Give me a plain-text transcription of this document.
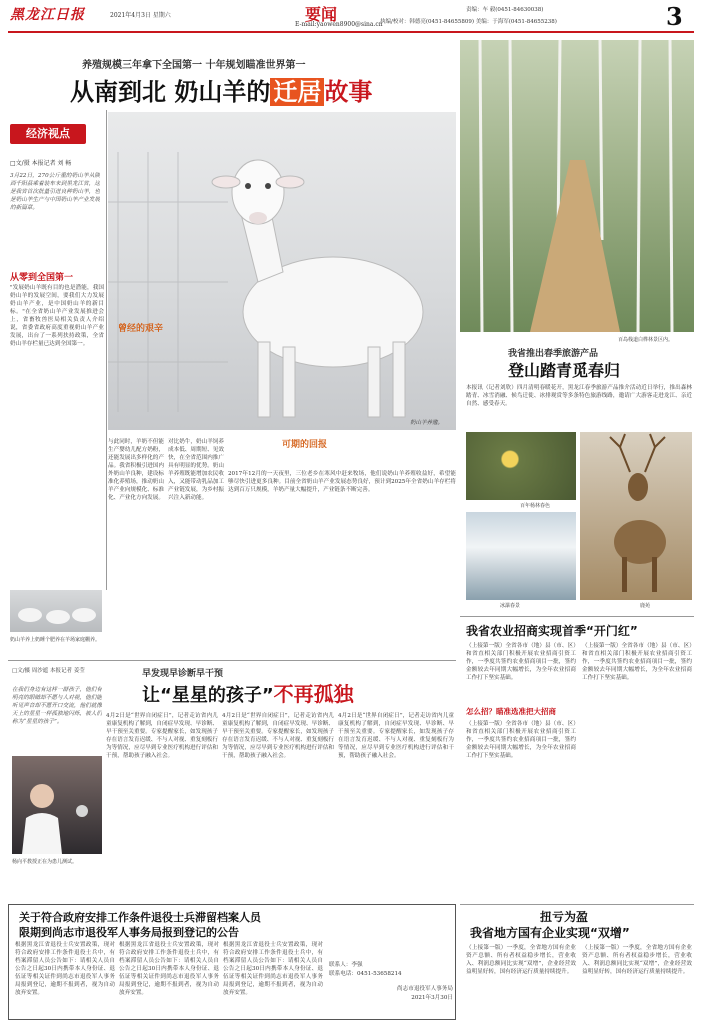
黑龙江日报	2021年4月3日 星期六	要闻
E-mail:yaowen8900@sina.cn
责编：车 毅(0451-84630038)
执编/校对：韩德亮(0451-84655809) 美编：于海军(0451-84655238)	3
养殖规模三年拿下全国第一 十年规划瞄准世界第一
从南到北 奶山羊的 迁居 故事
经济视点
□文/摄 本报记者 刘 畅
3月22日，270公斤重的奶山羊从陕西千阳县乘着装车来到黑龙江省，这是我省首次批量引进良种奶山羊，也是奶山羊生产与中国奶山羊产业发展的新篇章。
从零到全国第一
"发展奶山羊既有目的也是潜能，我国奶山羊的发展空间，要我们大力发展奶山羊产业，是中国奶山羊的新目标。"在全省奶山羊产业发展推进会上，省畜牧兽医局相关负责人介绍说，省委省政府高度重视奶山羊产业发展，出台了一系列扶持政策，全省奶山羊存栏量已达到全国第一。
奶山羊养殖。
曾经的艰辛
与此同时，羊奶不但能生产婴幼儿配方奶粉，还能发展出多样化的产品。我省积极引进国内外奶山羊良种，建设标准化养殖场，推动奶山羊产业向规模化、标准化、产业化方向发展。
对比奶牛，奶山羊饲养成本低、周期短、见效快，在全省范围内推广具有明显的优势。奶山羊养殖既能增加农民收入，又能带动乳品加工产业链发展，为乡村振兴注入新动能。
可期的回报
2017年12月的一天夜里，三位老乡在寒风中赶来牧场，他们说奶山羊养殖收益好，希望能够尽快引进更多良种。目前全省奶山羊产业发展态势良好，预计到2025年全省奶山羊存栏将达到百万只规模，羊奶产量大幅提升，产业链条不断完善。
奶山羊养上奶睡个肥养在羊场家庭棚养。
百岛栈道白桦林景区内。
我省推出春季旅游产品
登山踏青觅春归
本报讯（记者刘欣）四月清明春暖花开，黑龙江春季旅游产品推介活动近日举行，推出森林踏青、冰雪消融、候鸟迁徙、冰排观赏等多条特色旅游线路，邀请广大游客走进龙江、亲近自然、感受春天。
百年杨林春色
冰瀑春景	鹿苑
我省农业招商实现首季“开门红”
（上接第一版）全省各市（地）县（市、区）和省直相关部门积极开展农业招商引资工作，一季度共签约农业招商项目一批，签约金额较去年同期大幅增长，为全年农业招商工作打下坚实基础。
怎么招？瞄准选准把大招商
（上接第一版）全省各市（地）县（市、区）和省直相关部门积极开展农业招商引资工作，一季度共签约农业招商项目一批，签约金额较去年同期大幅增长，为全年农业招商工作打下坚实基础。
（上接第一版）全省各市（地）县（市、区）和省直相关部门积极开展农业招商引资工作，一季度共签约农业招商项目一批，签约金额较去年同期大幅增长，为全年农业招商工作打下坚实基础。
□文/摄 周沙遮 本报记者 姜莹
在我们身边有这样一群孩子，他们有明亮的眼睛却不愿与人对视，他们能听见声音却不愿开口交流，他们就像天上的星星一样孤独地闪烁，被人们称为“星星的孩子”。
杨向平教授正在为患儿测试。
早发现早诊断早干预
让“星星的孩子”不再孤独
4月2日是“世界自闭症日”，记者走访省内儿童康复机构了解到，自闭症早发现、早诊断、早干预至关重要。专家提醒家长，如发现孩子存在语言发育迟缓、不与人对视、重复刻板行为等情况，应尽早到专业医疗机构进行评估和干预，帮助孩子融入社会。
4月2日是“世界自闭症日”，记者走访省内儿童康复机构了解到，自闭症早发现、早诊断、早干预至关重要。专家提醒家长，如发现孩子存在语言发育迟缓、不与人对视、重复刻板行为等情况，应尽早到专业医疗机构进行评估和干预，帮助孩子融入社会。
4月2日是“世界自闭症日”，记者走访省内儿童康复机构了解到，自闭症早发现、早诊断、早干预至关重要。专家提醒家长，如发现孩子存在语言发育迟缓、不与人对视、重复刻板行为等情况，应尽早到专业医疗机构进行评估和干预，帮助孩子融入社会。
扭亏为盈
我省地方国有企业实现“双增”
（上接第一版）一季度，全省地方国有企业资产总额、所有者权益稳步增长，营业收入、利润总额同比实现“双增”，企业经营效益明显好转，国有经济运行质量持续提升。
（上接第一版）一季度，全省地方国有企业资产总额、所有者权益稳步增长，营业收入、利润总额同比实现“双增”，企业经营效益明显好转，国有经济运行质量持续提升。
关于符合政府安排工作条件退役士兵滞留档案人员
限期到尚志市退役军人事务局报到登记的公告
根据黑龙江省退役士兵安置政策，现对符合政府安排工作条件退役士兵中，有档案滞留人员公告如下：请相关人员自公告之日起30日内携带本人身份证、退伍证等相关证件到尚志市退役军人事务局报到登记，逾期不报到者，视为自动放弃安置。
根据黑龙江省退役士兵安置政策，现对符合政府安排工作条件退役士兵中，有档案滞留人员公告如下：请相关人员自公告之日起30日内携带本人身份证、退伍证等相关证件到尚志市退役军人事务局报到登记，逾期不报到者，视为自动放弃安置。
根据黑龙江省退役士兵安置政策，现对符合政府安排工作条件退役士兵中，有档案滞留人员公告如下：请相关人员自公告之日起30日内携带本人身份证、退伍证等相关证件到尚志市退役军人事务局报到登记，逾期不报到者，视为自动放弃安置。
联系人：李强
联系电话：0451-53658214
尚志市退役军人事务局
2021年3月30日
